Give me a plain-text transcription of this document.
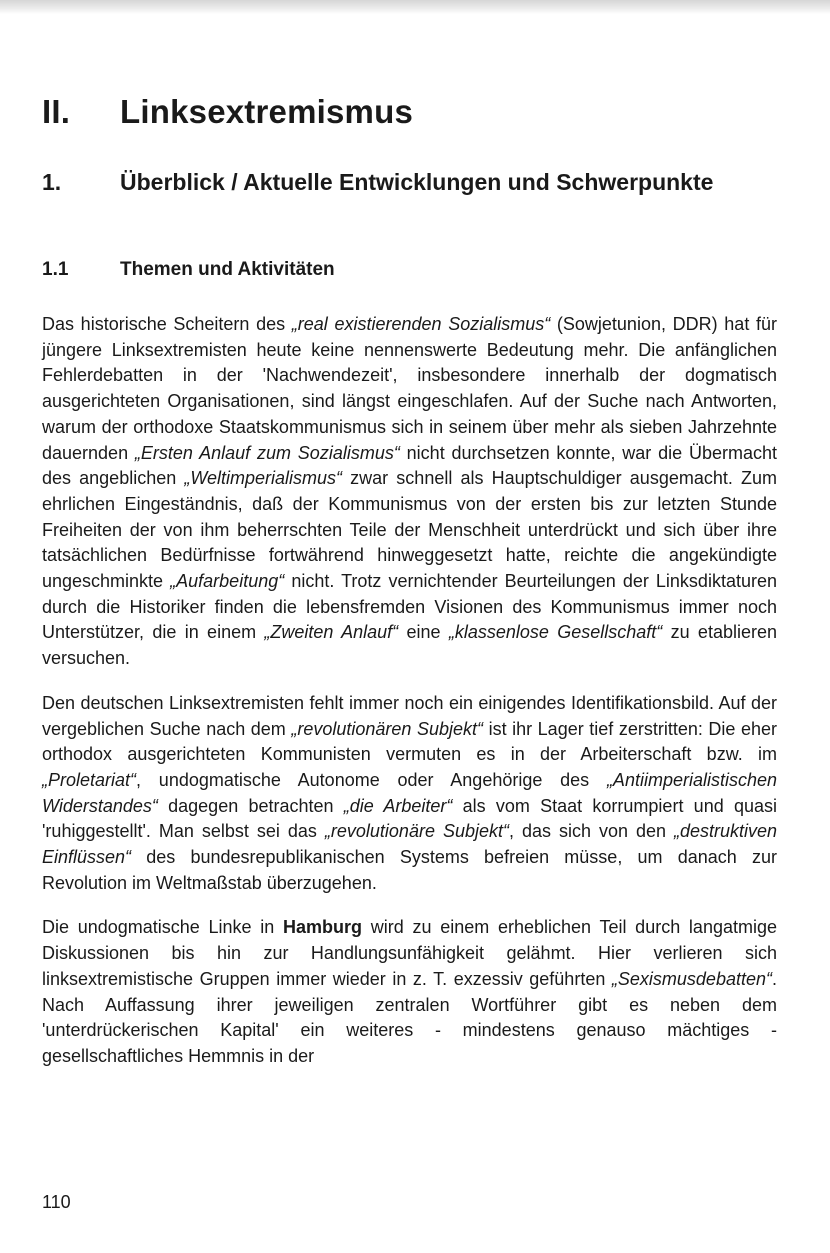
II. Linksextremismus
1.	Überblick / Aktuelle Entwicklungen und Schwerpunkte
1.1	Themen und Aktivitäten

Das historische Scheitern des „real existierenden Sozialismus“ (Sowjetunion, DDR) hat für jüngere Linksextremisten heute keine nennenswerte Bedeutung mehr. Die anfänglichen Fehlerdebatten in der 'Nachwendezeit', insbesondere innerhalb der dogmatisch ausgerichteten Organisationen, sind längst eingeschlafen. Auf der Suche nach Antworten, warum der orthodoxe Staatskommunismus sich in seinem über mehr als sieben Jahrzehnte dauernden „Ersten Anlauf zum Sozialismus“ nicht durchsetzen konnte, war die Übermacht des angeblichen „Weltimperialismus“ zwar schnell als Hauptschuldiger ausgemacht. Zum ehrlichen Eingeständnis, daß der Kommunismus von der ersten bis zur letzten Stunde Freiheiten der von ihm beherrschten Teile der Menschheit unterdrückt und sich über ihre tatsächlichen Bedürfnisse fortwährend hinweggesetzt hatte, reichte die angekündigte ungeschminkte „Aufarbeitung“ nicht. Trotz vernichtender Beurteilungen der Linksdiktaturen durch die Historiker finden die lebensfremden Visionen des Kommunismus immer noch Unterstützer, die in einem „Zweiten Anlauf“ eine „klassenlose Gesellschaft“ zu etablieren versuchen.

Den deutschen Linksextremisten fehlt immer noch ein einigendes Identifikationsbild. Auf der vergeblichen Suche nach dem „revolutionären Subjekt“ ist ihr Lager tief zerstritten: Die eher orthodox ausgerichteten Kommunisten vermuten es in der Arbeiterschaft bzw. im „Proletariat“, undogmatische Autonome oder Angehörige des „Antiimperialistischen Widerstandes“ dagegen betrachten „die Arbeiter“ als vom Staat korrumpiert und quasi 'ruhiggestellt'. Man selbst sei das „revolutionäre Subjekt“, das sich von den „destruktiven Einflüssen“ des bundesrepublikanischen Systems befreien müsse, um danach zur Revolution im Weltmaßstab überzugehen.

Die undogmatische Linke in Hamburg wird zu einem erheblichen Teil durch langatmige Diskussionen bis hin zur Handlungsunfähigkeit gelähmt. Hier verlieren sich linksextremistische Gruppen immer wieder in z. T. exzessiv geführten „Sexismusdebatten“. Nach Auffassung ihrer jeweiligen zentralen Wortführer gibt es neben dem 'unterdrückerischen Kapital' ein weiteres - mindestens genauso mächtiges - gesellschaftliches Hemmnis in der

110
